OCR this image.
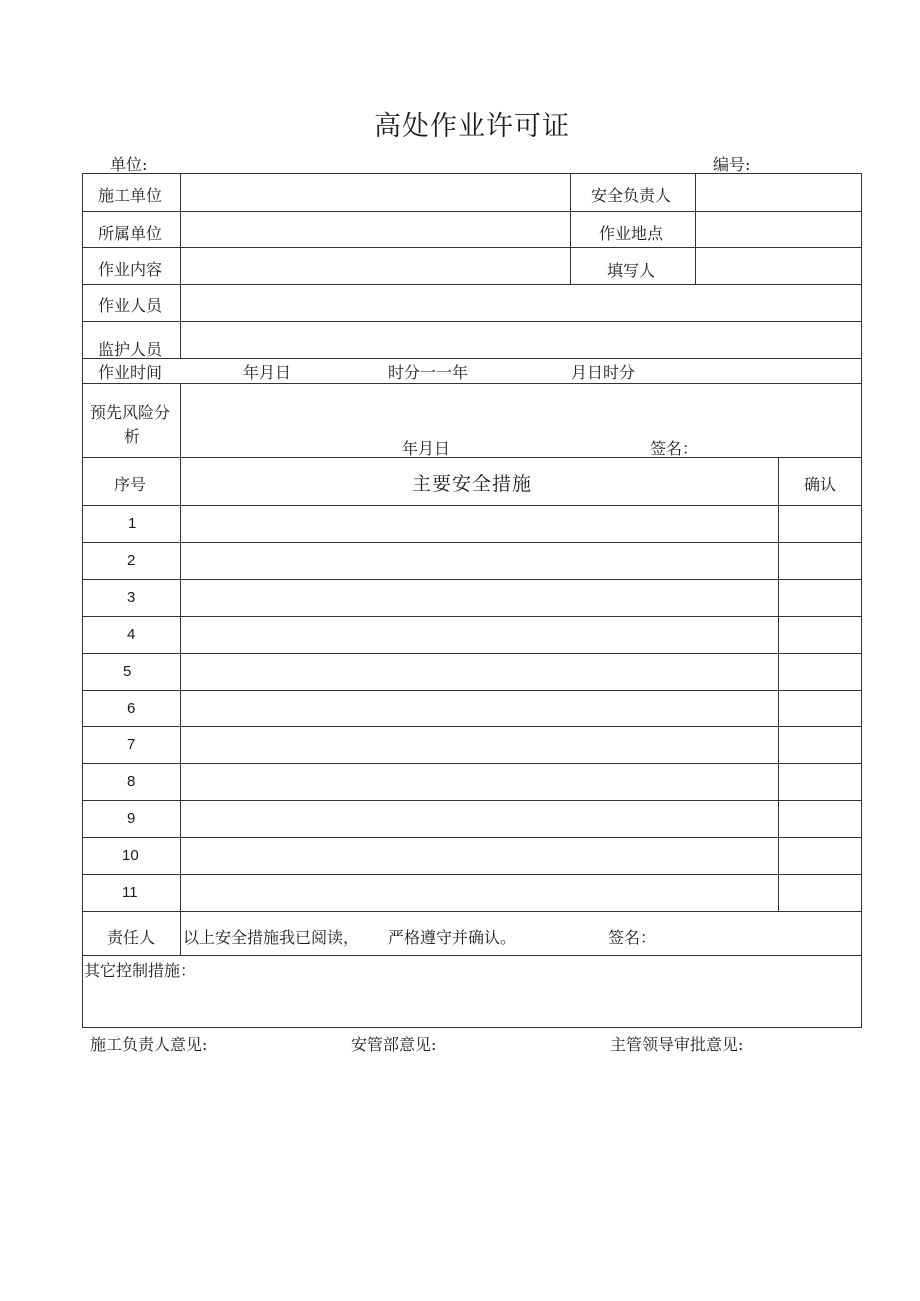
高处作业许可证
单位:	编号:
施工单位	安全负责人
所属单位	作业地点
作业内容	填写人
作业人员
监护人员
作业时间	年月日	时分一一年	月日时分
预先风险分
析
年月日	签名：
序号	主要安全措施	确认
1
2
3
4
5
6
7
8
9
10
11
责任人 以上安全措施我已阅读， 严格遵守并确认。	签名：
其它控制措施：
施工负责人意见:	安管部意见:	主管领导审批意见:
